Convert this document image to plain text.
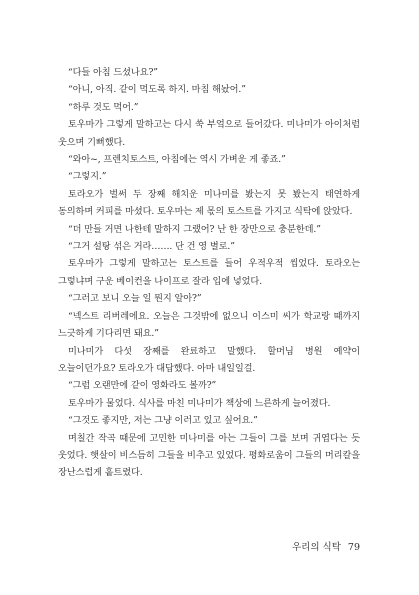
“다들 아침 드셨나요?”

“아니, 아직. 같이 먹도록 하지. 마침 해놨어.”

“하루 것도 먹어.”

토우마가 그렇게 말하고는 다시 쑥 부엌으로 들어갔다. 미나미가 아이처럼 웃으며 기뻐했다.

“와아~, 프렌치토스트, 아침에는 역시 가벼운 게 좋죠.”

“그렇지.”

토라오가 벌써 두 장째 해치운 미나미를 봤는지 못 봤는지 태연하게 동의하며 커피를 마셨다. 토우마는 제 몫의 토스트를 가지고 식탁에 앉았다.

“더 만들 거면 나한테 말하지 그랬어? 난 한 장만으로 충분한데.”

“그거 설탕 섞은 거라……. 단 건 영 별로.”

토우마가 그렇게 말하고는 토스트를 들어 우적우적 씹었다. 토라오는 그렇냐며 구운 베이컨을 나이프로 잘라 입에 넣었다.

“그러고 보니 오늘 일 뭔지 알아?”

“넥스트 리버레에요. 오늘은 그것밖에 없으니 이스미 씨가 학교랑 때까지 느긋하게 기다리면 돼요.”

미나미가 다섯 장째를 완료하고 말했다. 할머님 병원 예약이 오늘이던가요? 토라오가 대답했다. 아마 내일일걸.

“그럼 오랜만에 같이 영화라도 볼까?”

토우마가 물었다. 식사를 마친 미나미가 책상에 느른하게 늘어졌다.

“그것도 좋지만, 저는 그냥 이러고 있고 싶어요.”

며칠간 작곡 때문에 고민한 미나미를 아는 그들이 그를 보며 귀엽다는 듯 웃었다. 햇살이 비스듬히 그들을 비추고 있었다. 평화로움이 그들의 머리칼을 장난스럽게 흩트렸다.

우리의 식탁 79
